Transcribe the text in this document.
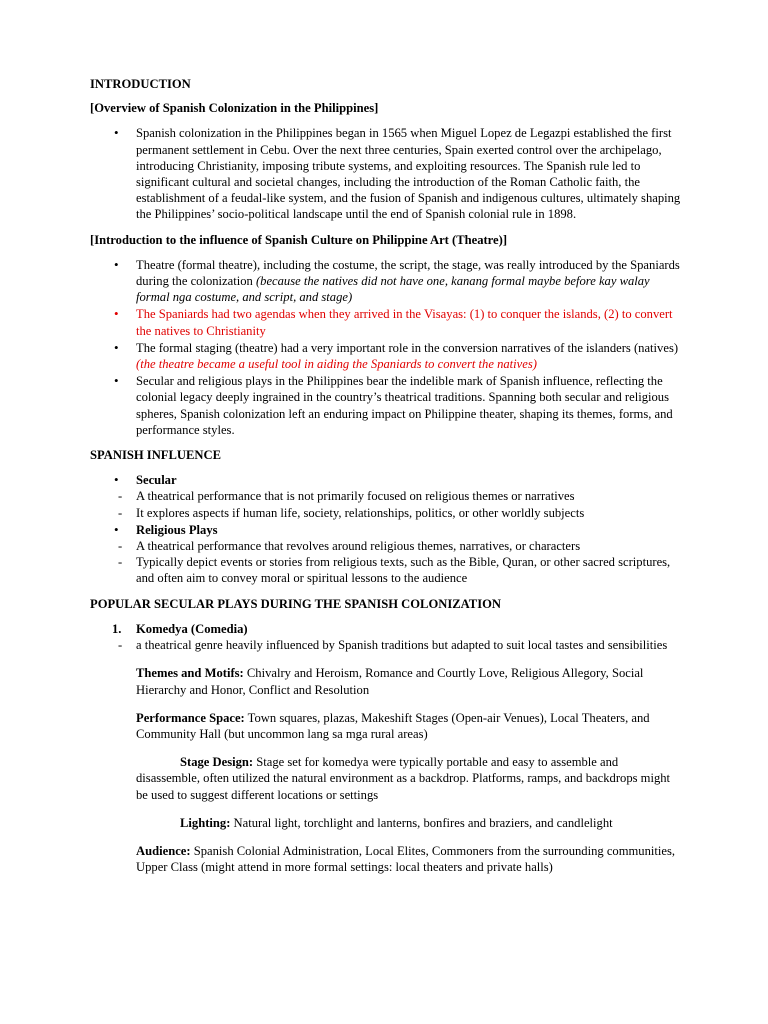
INTRODUCTION
[Overview of Spanish Colonization in the Philippines]
• Spanish colonization in the Philippines began in 1565 when Miguel Lopez de Legazpi established the first permanent settlement in Cebu. Over the next three centuries, Spain exerted control over the archipelago, introducing Christianity, imposing tribute systems, and exploiting resources. The Spanish rule led to significant cultural and societal changes, including the introduction of the Roman Catholic faith, the establishment of a feudal-like system, and the fusion of Spanish and indigenous cultures, ultimately shaping the Philippines’ socio-political landscape until the end of Spanish colonial rule in 1898.
[Introduction to the influence of Spanish Culture on Philippine Art (Theatre)]
• Theatre (formal theatre), including the costume, the script, the stage, was really introduced by the Spaniards during the colonization (because the natives did not have one, kanang formal maybe before kay walay formal nga costume, and script, and stage)
• The Spaniards had two agendas when they arrived in the Visayas: (1) to conquer the islands, (2) to convert the natives to Christianity
• The formal staging (theatre) had a very important role in the conversion narratives of the islanders (natives) (the theatre became a useful tool in aiding the Spaniards to convert the natives)
• Secular and religious plays in the Philippines bear the indelible mark of Spanish influence, reflecting the colonial legacy deeply ingrained in the country’s theatrical traditions. Spanning both secular and religious spheres, Spanish colonization left an enduring impact on Philippine theater, shaping its themes, forms, and performance styles.
SPANISH INFLUENCE
• Secular
- A theatrical performance that is not primarily focused on religious themes or narratives
- It explores aspects if human life, society, relationships, politics, or other worldly subjects
• Religious Plays
- A theatrical performance that revolves around religious themes, narratives, or characters
- Typically depict events or stories from religious texts, such as the Bible, Quran, or other sacred scriptures, and often aim to convey moral or spiritual lessons to the audience
POPULAR SECULAR PLAYS DURING THE SPANISH COLONIZATION
1. Komedya (Comedia)
- a theatrical genre heavily influenced by Spanish traditions but adapted to suit local tastes and sensibilities
Themes and Motifs: Chivalry and Heroism, Romance and Courtly Love, Religious Allegory, Social Hierarchy and Honor, Conflict and Resolution
Performance Space: Town squares, plazas, Makeshift Stages (Open-air Venues), Local Theaters, and Community Hall (but uncommon lang sa mga rural areas)
Stage Design: Stage set for komedya were typically portable and easy to assemble and disassemble, often utilized the natural environment as a backdrop. Platforms, ramps, and backdrops might be used to suggest different locations or settings
Lighting: Natural light, torchlight and lanterns, bonfires and braziers, and candlelight
Audience: Spanish Colonial Administration, Local Elites, Commoners from the surrounding communities, Upper Class (might attend in more formal settings: local theaters and private halls)
